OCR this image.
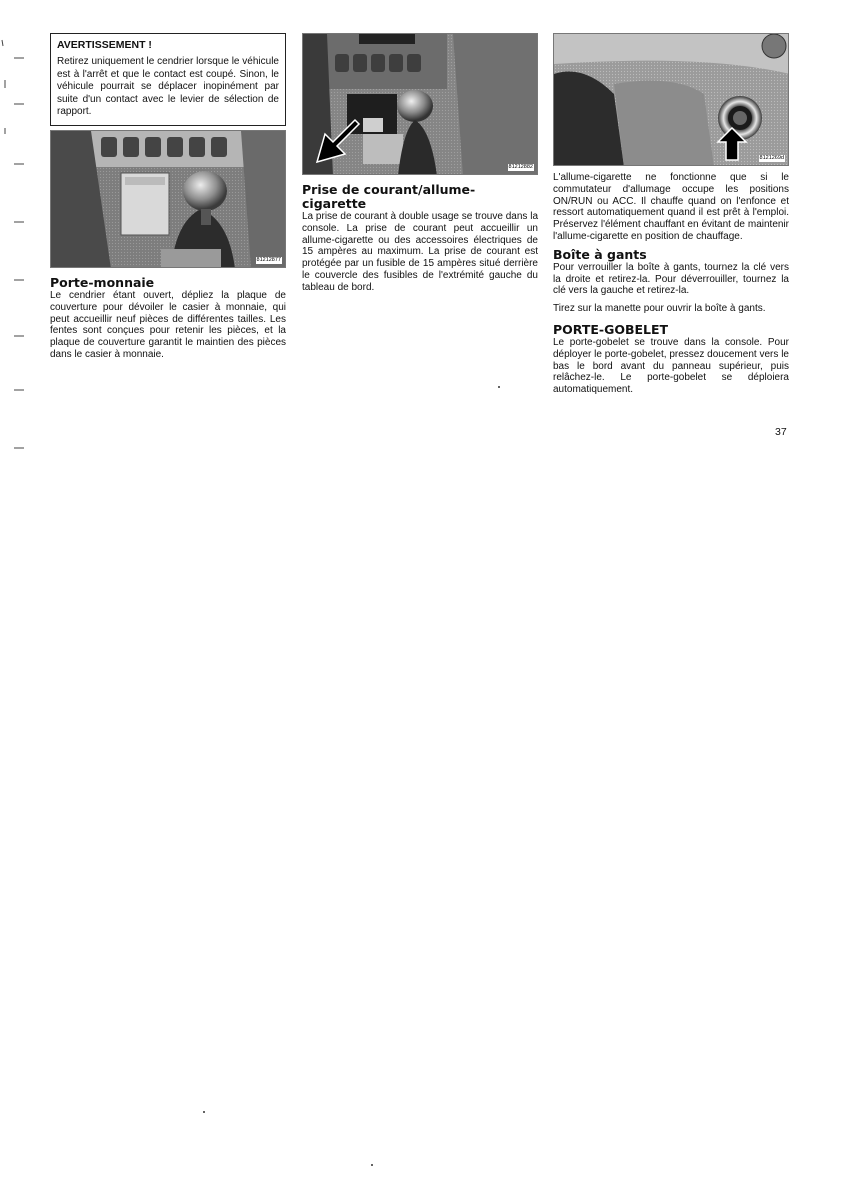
AVERTISSEMENT !
Retirez uniquement le cendrier lorsque le véhicule est à l'arrêt et que le contact est coupé. Sinon, le véhicule pourrait se déplacer inopinément par suite d'un contact avec le levier de sélection de rapport.
81212877
Porte-monnaie

Le cendrier étant ouvert, dépliez la plaque de couverture pour dévoiler le casier à monnaie, qui peut accueillir neuf pièces de différentes tailles. Les fentes sont conçues pour retenir les pièces, et la plaque de couverture garantit le maintien des pièces dans le casier à monnaie.

81212882
Prise de courant/allume-cigarette

La prise de courant à double usage se trouve dans la console. La prise de courant peut accueillir un allume-cigarette ou des accessoires électriques de 15 ampères au maximum. La prise de courant est protégée par un fusible de 15 ampères situé derrière le couvercle des fusibles de l'extrémité gauche du tableau de bord.

8121269d

L'allume-cigarette ne fonctionne que si le commutateur d'allumage occupe les positions ON/RUN ou ACC. Il chauffe quand on l'enfonce et ressort automatiquement quand il est prêt à l'emploi. Préservez l'élément chauffant en évitant de maintenir l'allume-cigarette en position de chauffage.

Boîte à gants

Pour verrouiller la boîte à gants, tournez la clé vers la droite et retirez-la. Pour déverrouiller, tournez la clé vers la gauche et retirez-la.

Tirez sur la manette pour ouvrir la boîte à gants.

PORTE-GOBELET

Le porte-gobelet se trouve dans la console. Pour déployer le porte-gobelet, pressez doucement vers le bas le bord avant du panneau supérieur, puis relâchez-le. Le porte-gobelet se déploiera automatiquement.

37
